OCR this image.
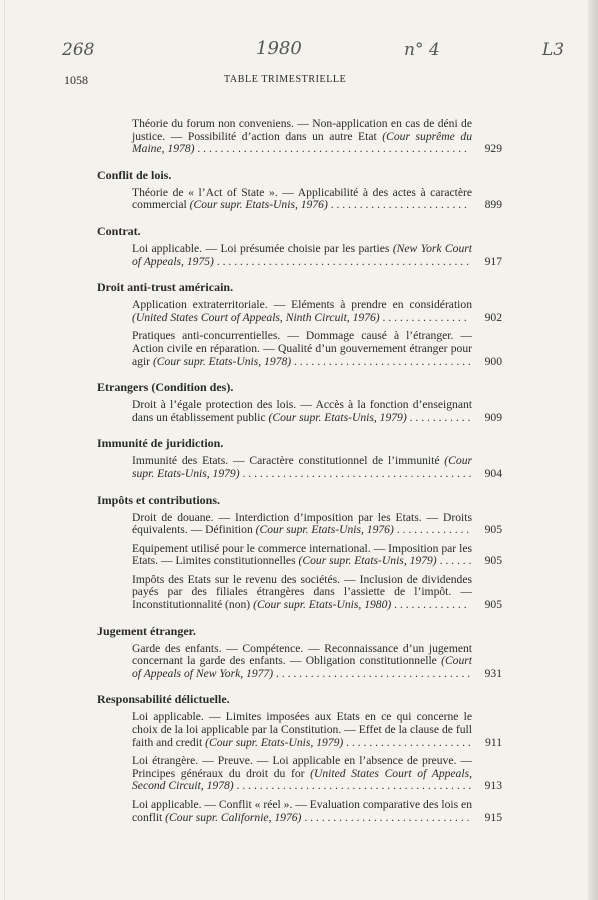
268	1980	n° 4	L3
1058	TABLE TRIMESTRIELLE
Théorie du forum non conveniens. — Non-application en cas de déni de justice. — Possibilité d’action dans un autre Etat (Cour suprême du Maine, 1978) . . . . . . . . . . . . . . . . . . . . . . . . . . . . . . . . . . . . . . . . . . . . . . .	929
Conflit de lois.
Théorie de « l’Act of State ». — Applicabilité à des actes à caractère commercial (Cour supr. Etats-Unis, 1976) . . . . . . . . . . . . . . . . . . . . . . . .	899
Contrat.
Loi applicable. — Loi présumée choisie par les parties (New York Court of Appeals, 1975) . . . . . . . . . . . . . . . . . . . . . . . . . . . . . . . . . . . . . . . . . . . . 917
Droit anti-trust américain.
Application extraterritoriale. — Eléments à prendre en considération (United States Court of Appeals, Ninth Circuit, 1976) . . . . . . . . . . . . . . .	902
Pratiques anti-concurrentielles. — Dommage causé à l’étranger. — Action civile en réparation. — Qualité d’un gouvernement étranger pour agir (Cour supr. Etats-Unis, 1978) . . . . . . . . . . . . . . . . . . . . . . . . . . . . . . . 900
Etrangers (Condition des).
Droit à l’égale protection des lois. — Accès à la fonction d’enseignant dans un établissement public (Cour supr. Etats-Unis, 1979) . . . . . . . . . . . 909
Immunité de juridiction.
Immunité des Etats. — Caractère constitutionnel de l’immunité (Cour supr. Etats-Unis, 1979) . . . . . . . . . . . . . . . . . . . . . . . . . . . . . . . . . . . . . . . . 904
Impôts et contributions.
Droit de douane. — Interdiction d’imposition par les Etats. — Droits équivalents. — Définition (Cour supr. Etats-Unis, 1976) . . . . . . . . . . . . . 905
Equipement utilisé pour le commerce international. — Imposition par les Etats. — Limites constitutionnelles (Cour supr. Etats-Unis, 1979) . . . . . . 905
Impôts des Etats sur le revenu des sociétés. — Inclusion de dividendes payés par des filiales étrangères dans l’assiette de l’impôt. — Inconstitutionnalité (non) (Cour supr. Etats-Unis, 1980) . . . . . . . . . . . . .	905
Jugement étranger.
Garde des enfants. — Compétence. — Reconnaissance d’un jugement concernant la garde des enfants. — Obligation constitutionnelle (Court of Appeals of New York, 1977) . . . . . . . . . . . . . . . . . . . . . . . . . . . . . . . . . . 931
Responsabilité délictuelle.
Loi applicable. — Limites imposées aux Etats en ce qui concerne le choix de la loi applicable par la Constitution. — Effet de la clause de full faith and credit (Cour supr. Etats-Unis, 1979) . . . . . . . . . . . . . . . . . . . . . . 911
Loi étrangère. — Preuve. — Loi applicable en l’absence de preuve. — Principes généraux du droit du for (United States Court of Appeals, Second Circuit, 1978) . . . . . . . . . . . . . . . . . . . . . . . . . . . . . . . . . . . . . . . . . 913
Loi applicable. — Conflit « réel ». — Evaluation comparative des lois en conflit (Cour supr. Californie, 1976) . . . . . . . . . . . . . . . . . . . . . . . . . . . . . 915
